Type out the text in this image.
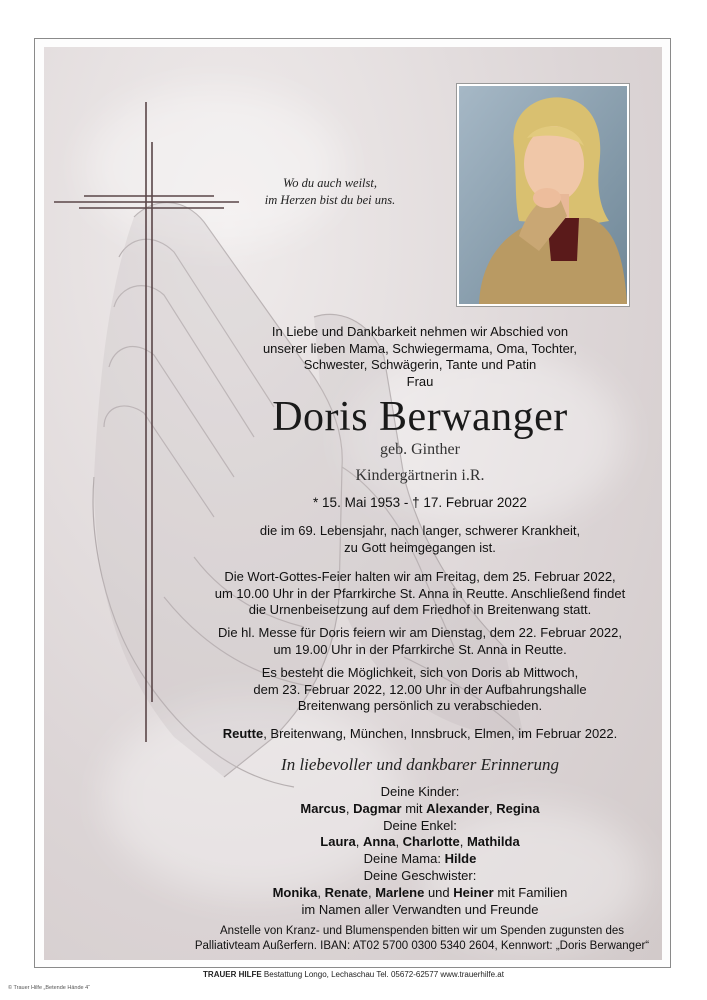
Wo du auch weilst,
im Herzen bist du bei uns.
In Liebe und Dankbarkeit nehmen wir Abschied von
unserer lieben Mama, Schwiegermama, Oma, Tochter,
Schwester, Schwägerin, Tante und Patin
Frau
Doris Berwanger
geb. Ginther
Kindergärtnerin i.R.
* 15. Mai 1953 - † 17. Februar 2022
die im 69. Lebensjahr, nach langer, schwerer Krankheit,
zu Gott heimgegangen ist.
Die Wort-Gottes-Feier halten wir am Freitag, dem 25. Februar 2022,
um 10.00 Uhr in der Pfarrkirche St. Anna in Reutte. Anschließend findet
die Urnenbeisetzung auf dem Friedhof in Breitenwang statt.
Die hl. Messe für Doris feiern wir am Dienstag, dem 22. Februar 2022,
um 19.00 Uhr in der Pfarrkirche St. Anna in Reutte.
Es besteht die Möglichkeit, sich von Doris ab Mittwoch,
dem 23. Februar 2022, 12.00 Uhr in der Aufbahrungshalle
Breitenwang persönlich zu verabschieden.
Reutte, Breitenwang, München, Innsbruck, Elmen, im Februar 2022.
In liebevoller und dankbarer Erinnerung
Deine Kinder:
Marcus, Dagmar mit Alexander, Regina
Deine Enkel:
Laura, Anna, Charlotte, Mathilda
Deine Mama: Hilde
Deine Geschwister:
Monika, Renate, Marlene und Heiner mit Familien
im Namen aller Verwandten und Freunde
Anstelle von Kranz- und Blumenspenden bitten wir um Spenden zugunsten des
Palliativteam Außerfern. IBAN: AT02 5700 0300 5340 2604, Kennwort: „Doris Berwanger“
TRAUER HILFE Bestattung Longo, Lechaschau Tel. 05672-62577 www.trauerhilfe.at
© Trauer Hilfe „Betende Hände 4“
